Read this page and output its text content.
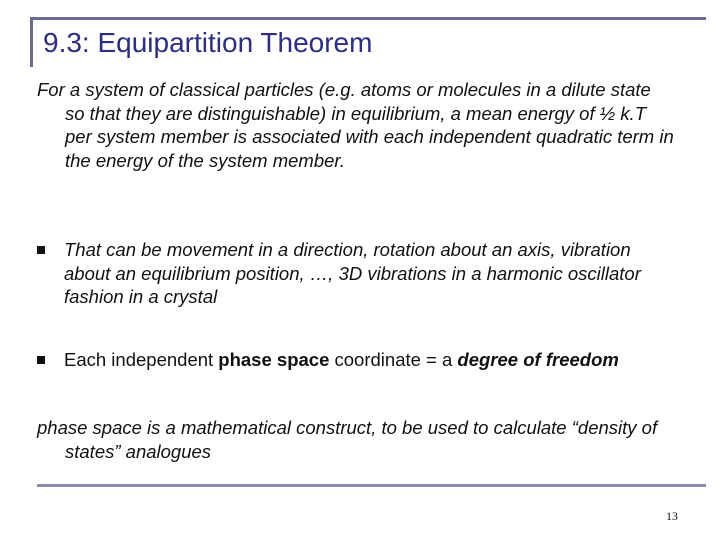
9.3: Equipartition Theorem
For a system of classical particles (e.g. atoms or molecules in a dilute state so that they are distinguishable) in equilibrium, a mean energy of ½ k.T per system member is associated with each independent quadratic term in the energy of the system member.
That can be movement in a direction, rotation about an axis, vibration about an equilibrium position, …, 3D vibrations in a harmonic oscillator fashion in a crystal
Each independent phase space coordinate = a degree of freedom
phase space is a mathematical construct, to be used to calculate “density of states” analogues
13
